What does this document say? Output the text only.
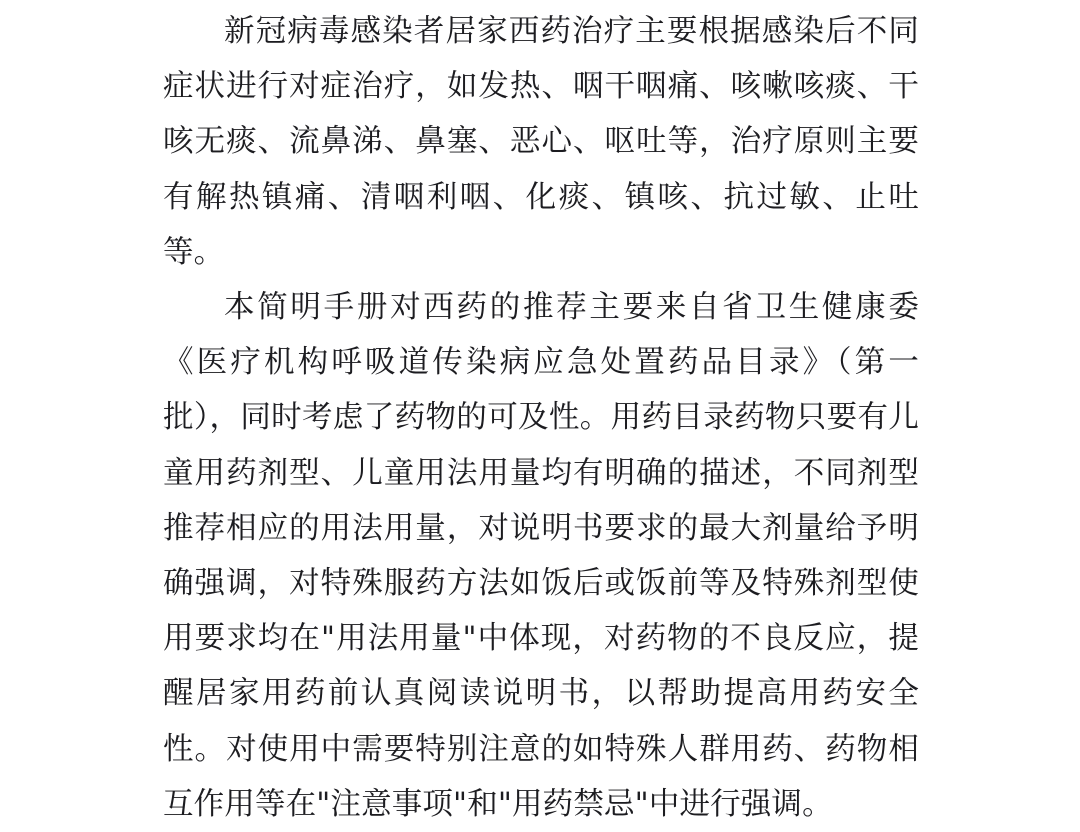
新冠病毒感染者居家西药治疗主要根据感染后不同症状进行对症治疗，如发热、咽干咽痛、咳嗽咳痰、干咳无痰、流鼻涕、鼻塞、恶心、呕吐等，治疗原则主要有解热镇痛、清咽利咽、化痰、镇咳、抗过敏、止吐等。

本简明手册对西药的推荐主要来自省卫生健康委《医疗机构呼吸道传染病应急处置药品目录》（第一批），同时考虑了药物的可及性。用药目录药物只要有儿童用药剂型、儿童用法用量均有明确的描述，不同剂型推荐相应的用法用量，对说明书要求的最大剂量给予明确强调，对特殊服药方法如饭后或饭前等及特殊剂型使用要求均在"用法用量"中体现，对药物的不良反应，提醒居家用药前认真阅读说明书，以帮助提高用药安全性。对使用中需要特别注意的如特殊人群用药、药物相互作用等在"注意事项"和"用药禁忌"中进行强调。
